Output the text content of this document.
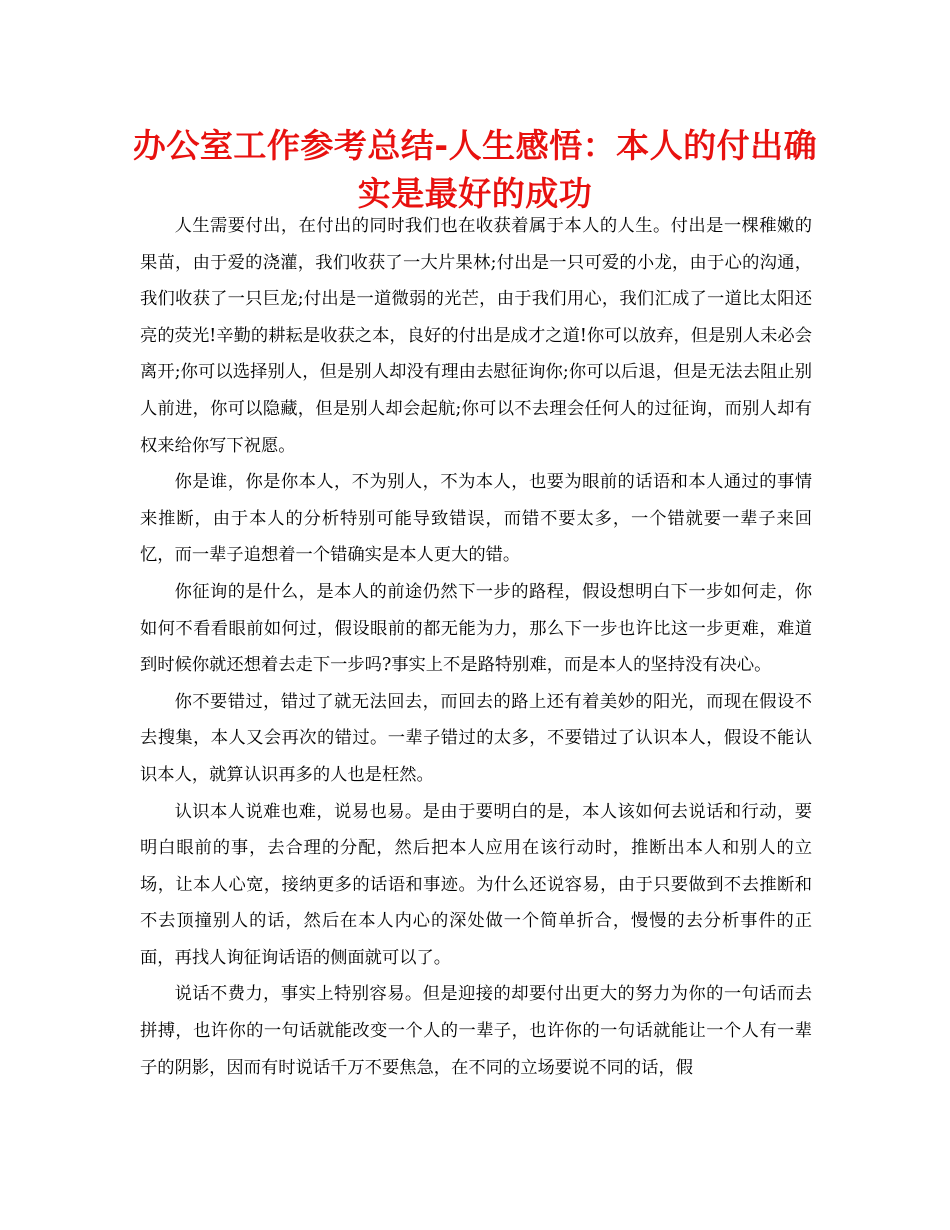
办公室工作参考总结-人生感悟：本人的付出确实是最好的成功

人生需要付出，在付出的同时我们也在收获着属于本人的人生。付出是一棵稚嫩的果苗，由于爱的浇灌，我们收获了一大片果林;付出是一只可爱的小龙，由于心的沟通，我们收获了一只巨龙;付出是一道微弱的光芒，由于我们用心，我们汇成了一道比太阳还亮的荧光!辛勤的耕耘是收获之本，良好的付出是成才之道!你可以放弃，但是别人未必会离开;你可以选择别人，但是别人却没有理由去慰征询你;你可以后退，但是无法去阻止别人前进，你可以隐藏，但是别人却会起航;你可以不去理会任何人的过征询，而别人却有权来给你写下祝愿。

你是谁，你是你本人，不为别人，不为本人，也要为眼前的话语和本人通过的事情来推断，由于本人的分析特别可能导致错误，而错不要太多，一个错就要一辈子来回忆，而一辈子追想着一个错确实是本人更大的错。

你征询的是什么，是本人的前途仍然下一步的路程，假设想明白下一步如何走，你如何不看看眼前如何过，假设眼前的都无能为力，那么下一步也许比这一步更难，难道到时候你就还想着去走下一步吗?事实上不是路特别难，而是本人的坚持没有决心。

你不要错过，错过了就无法回去，而回去的路上还有着美妙的阳光，而现在假设不去搜集，本人又会再次的错过。一辈子错过的太多，不要错过了认识本人，假设不能认识本人，就算认识再多的人也是枉然。

认识本人说难也难，说易也易。是由于要明白的是，本人该如何去说话和行动，要明白眼前的事，去合理的分配，然后把本人应用在该行动时，推断出本人和别人的立场，让本人心宽，接纳更多的话语和事迹。为什么还说容易，由于只要做到不去推断和不去顶撞别人的话，然后在本人内心的深处做一个简单折合，慢慢的去分析事件的正面，再找人询征询话语的侧面就可以了。

说话不费力，事实上特别容易。但是迎接的却要付出更大的努力为你的一句话而去拼搏，也许你的一句话就能改变一个人的一辈子，也许你的一句话就能让一个人有一辈子的阴影，因而有时说话千万不要焦急，在不同的立场要说不同的话，假
